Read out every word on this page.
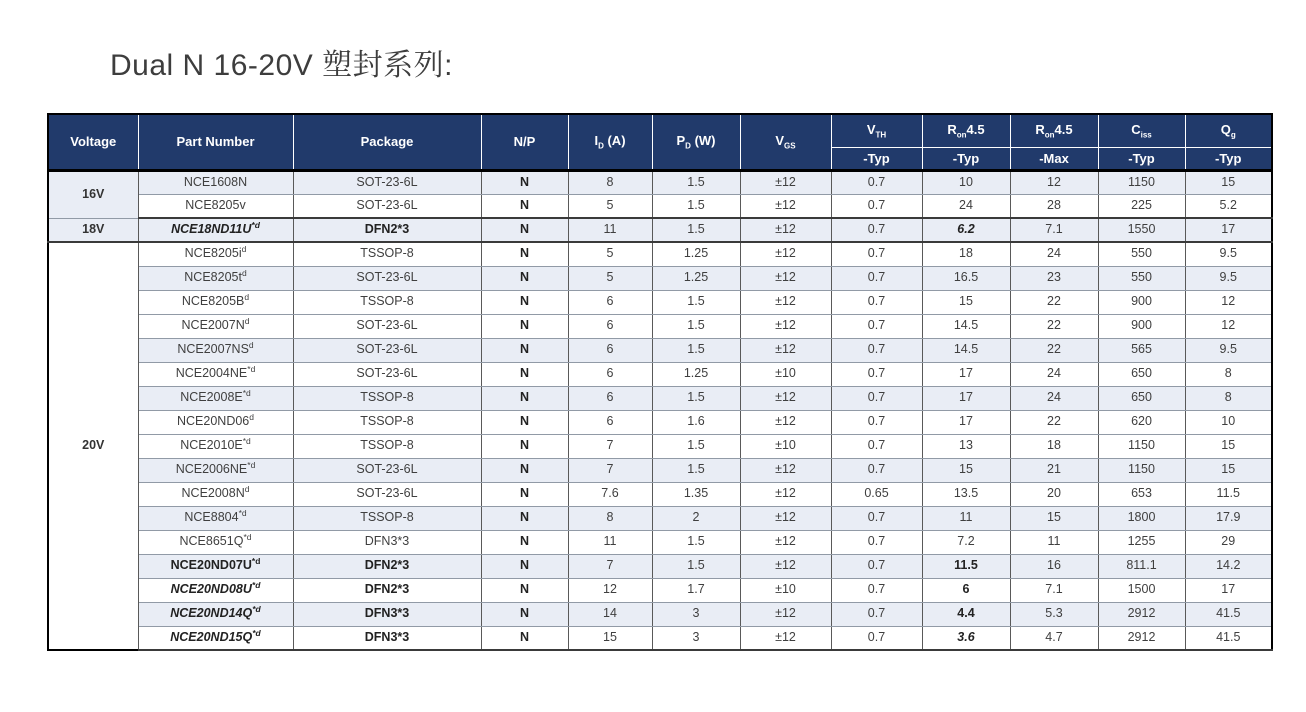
Dual N 16-20V 塑封系列:
Voltage	Part Number	Package	N/P	$I_D$ (A)	$P_D$ (W)	$V_{GS}$	$V_{TH}$	$R_{on}4.5$	$R_{on}4.5$	$C_{iss}$	$Q_g$
							-Typ	-Typ	-Max	-Typ	-Typ
16V	NCE1608N	SOT-23-6L	N	8	1.5	±12	0.7	10	12	1150	15
	NCE8205v	SOT-23-6L	N	5	1.5	±12	0.7	24	28	225	5.2
18V	$NCE18ND11U^{*d}$	DFN2*3	N	11	1.5	±12	0.7	6.2	7.1	1550	17
20V	$NCE8205i^d$	TSSOP-8	N	5	1.25	±12	0.7	18	24	550	9.5
	$NCE8205t^d$	SOT-23-6L	N	5	1.25	±12	0.7	16.5	23	550	9.5
	$NCE8205B^d$	TSSOP-8	N	6	1.5	±12	0.7	15	22	900	12
	$NCE2007N^d$	SOT-23-6L	N	6	1.5	±12	0.7	14.5	22	900	12
	$NCE2007NS^d$	SOT-23-6L	N	6	1.5	±12	0.7	14.5	22	565	9.5
	NCE2004NE$^{*d}$	SOT-23-6L	N	6	1.25	±10	0.7	17	24	650	8
	$NCE2008E^{*d}$	TSSOP-8	N	6	1.5	±12	0.7	17	24	650	8
	NCE20ND06$^d$	TSSOP-8	N	6	1.6	±12	0.7	17	22	620	10
	$NCE2010E^{*d}$	TSSOP-8	N	7	1.5	±10	0.7	13	18	1150	15
	NCE2006NE$^{*d}$	SOT-23-6L	N	7	1.5	±12	0.7	15	21	1150	15
	$NCE2008N^d$	SOT-23-6L	N	7.6	1.35	±12	0.65	13.5	20	653	11.5
	NCE8804$^{*d}$	TSSOP-8	N	8	2	±12	0.7	11	15	1800	17.9
	$NCE8651Q^{*d}$	DFN3*3	N	11	1.5	±12	0.7	7.2	11	1255	29
	$NCE20ND07U^{*d}$	DFN2*3	N	7	1.5	±12	0.7	11.5	16	811.1	14.2
	$NCE20ND08U^{*d}$	DFN2*3	N	12	1.7	±10	0.7	6	7.1	1500	17
	$NCE20ND14Q^{*d}$	DFN3*3	N	14	3	±12	0.7	4.4	5.3	2912	41.5
	$NCE20ND15Q^{*d}$	DFN3*3	N	15	3	±12	0.7	3.6	4.7	2912	41.5
